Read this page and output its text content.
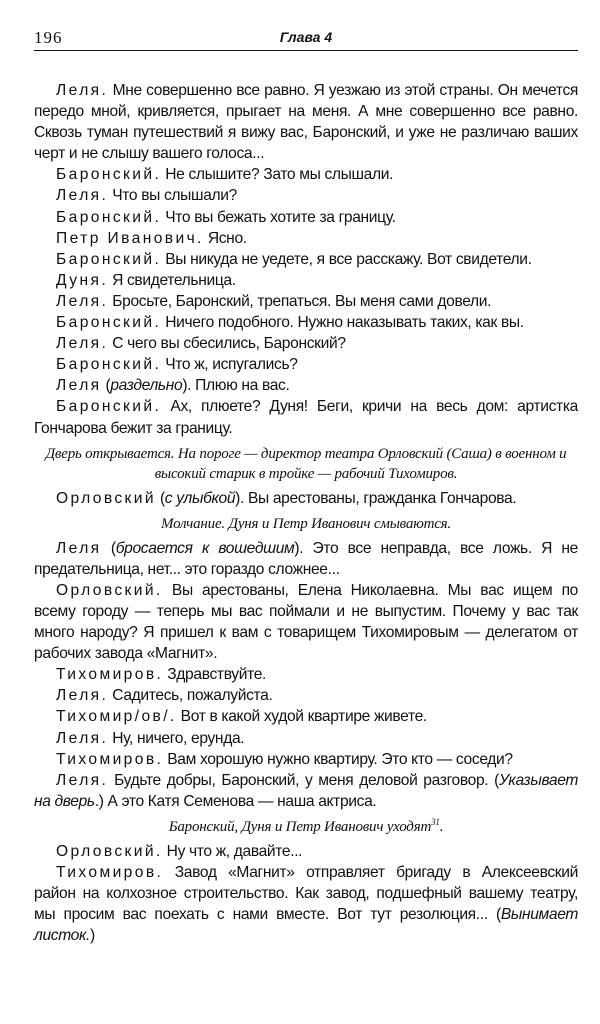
196	Глава 4
Леля. Мне совершенно все равно. Я уезжаю из этой страны. Он мечется передо мной, кривляется, прыгает на меня. А мне совершенно все равно. Сквозь туман путешествий я вижу вас, Баронский, и уже не различаю ваших черт и не слышу вашего голоса...
Баронский. Не слышите? Зато мы слышали.
Леля. Что вы слышали?
Баронский. Что вы бежать хотите за границу.
Петр Иванович. Ясно.
Баронский. Вы никуда не уедете, я все расскажу. Вот свидетели.
Дуня. Я свидетельница.
Леля. Бросьте, Баронский, трепаться. Вы меня сами довели.
Баронский. Ничего подобного. Нужно наказывать таких, как вы.
Леля. С чего вы сбесились, Баронский?
Баронский. Что ж, испугались?
Леля (раздельно). Плюю на вас.
Баронский. Ах, плюете? Дуня! Беги, кричи на весь дом: артистка Гончарова бежит за границу.
Дверь открывается. На пороге — директор театра Орловский (Саша) в военном и высокий старик в тройке — рабочий Тихомиров.
Орловский (с улыбкой). Вы арестованы, гражданка Гончарова.
Молчание. Дуня и Петр Иванович смываются.
Леля (бросается к вошедшим). Это все неправда, все ложь. Я не предательница, нет... это гораздо сложнее...
Орловский. Вы арестованы, Елена Николаевна. Мы вас ищем по всему городу — теперь мы вас поймали и не выпустим. Почему у вас так много народу? Я пришел к вам с товарищем Тихомировым — делегатом от рабочих завода «Магнит».
Тихомиров. Здравствуйте.
Леля. Садитесь, пожалуйста.
Тихомир/ов/. Вот в какой худой квартире живете.
Леля. Ну, ничего, ерунда.
Тихомиров. Вам хорошую нужно квартиру. Это кто — соседи?
Леля. Будьте добры, Баронский, у меня деловой разговор. (Указывает на дверь.) А это Катя Семенова — наша актриса.
Баронский, Дуня и Петр Иванович уходят$^{31}$.
Орловский. Ну что ж, давайте...
Тихомиров. Завод «Магнит» отправляет бригаду в Алексеевский район на колхозное строительство. Как завод, подшефный вашему театру, мы просим вас поехать с нами вместе. Вот тут резолюция... (Вынимает листок.)
